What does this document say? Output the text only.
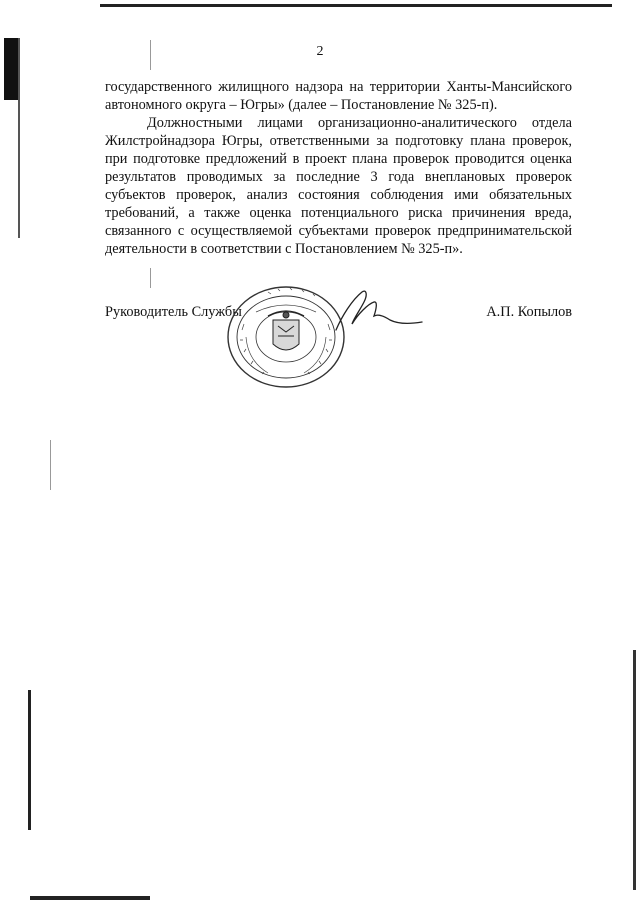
2

государственного жилищного надзора на территории Ханты-Мансийского автономного округа – Югры» (далее – Постановление № 325-п).

Должностными лицами организационно-аналитического отдела Жилстройнадзора Югры, ответственными за подготовку плана проверок, при подготовке предложений в проект плана проверок проводится оценка результатов проводимых за последние 3 года внеплановых проверок субъектов проверок, анализ состояния соблюдения ими обязательных требований, а также оценка потенциального риска причинения вреда, связанного с осуществляемой субъектами проверок предпринимательской деятельности в соответствии с Постановлением № 325-п».

Руководитель Службы	А.П. Копылов
